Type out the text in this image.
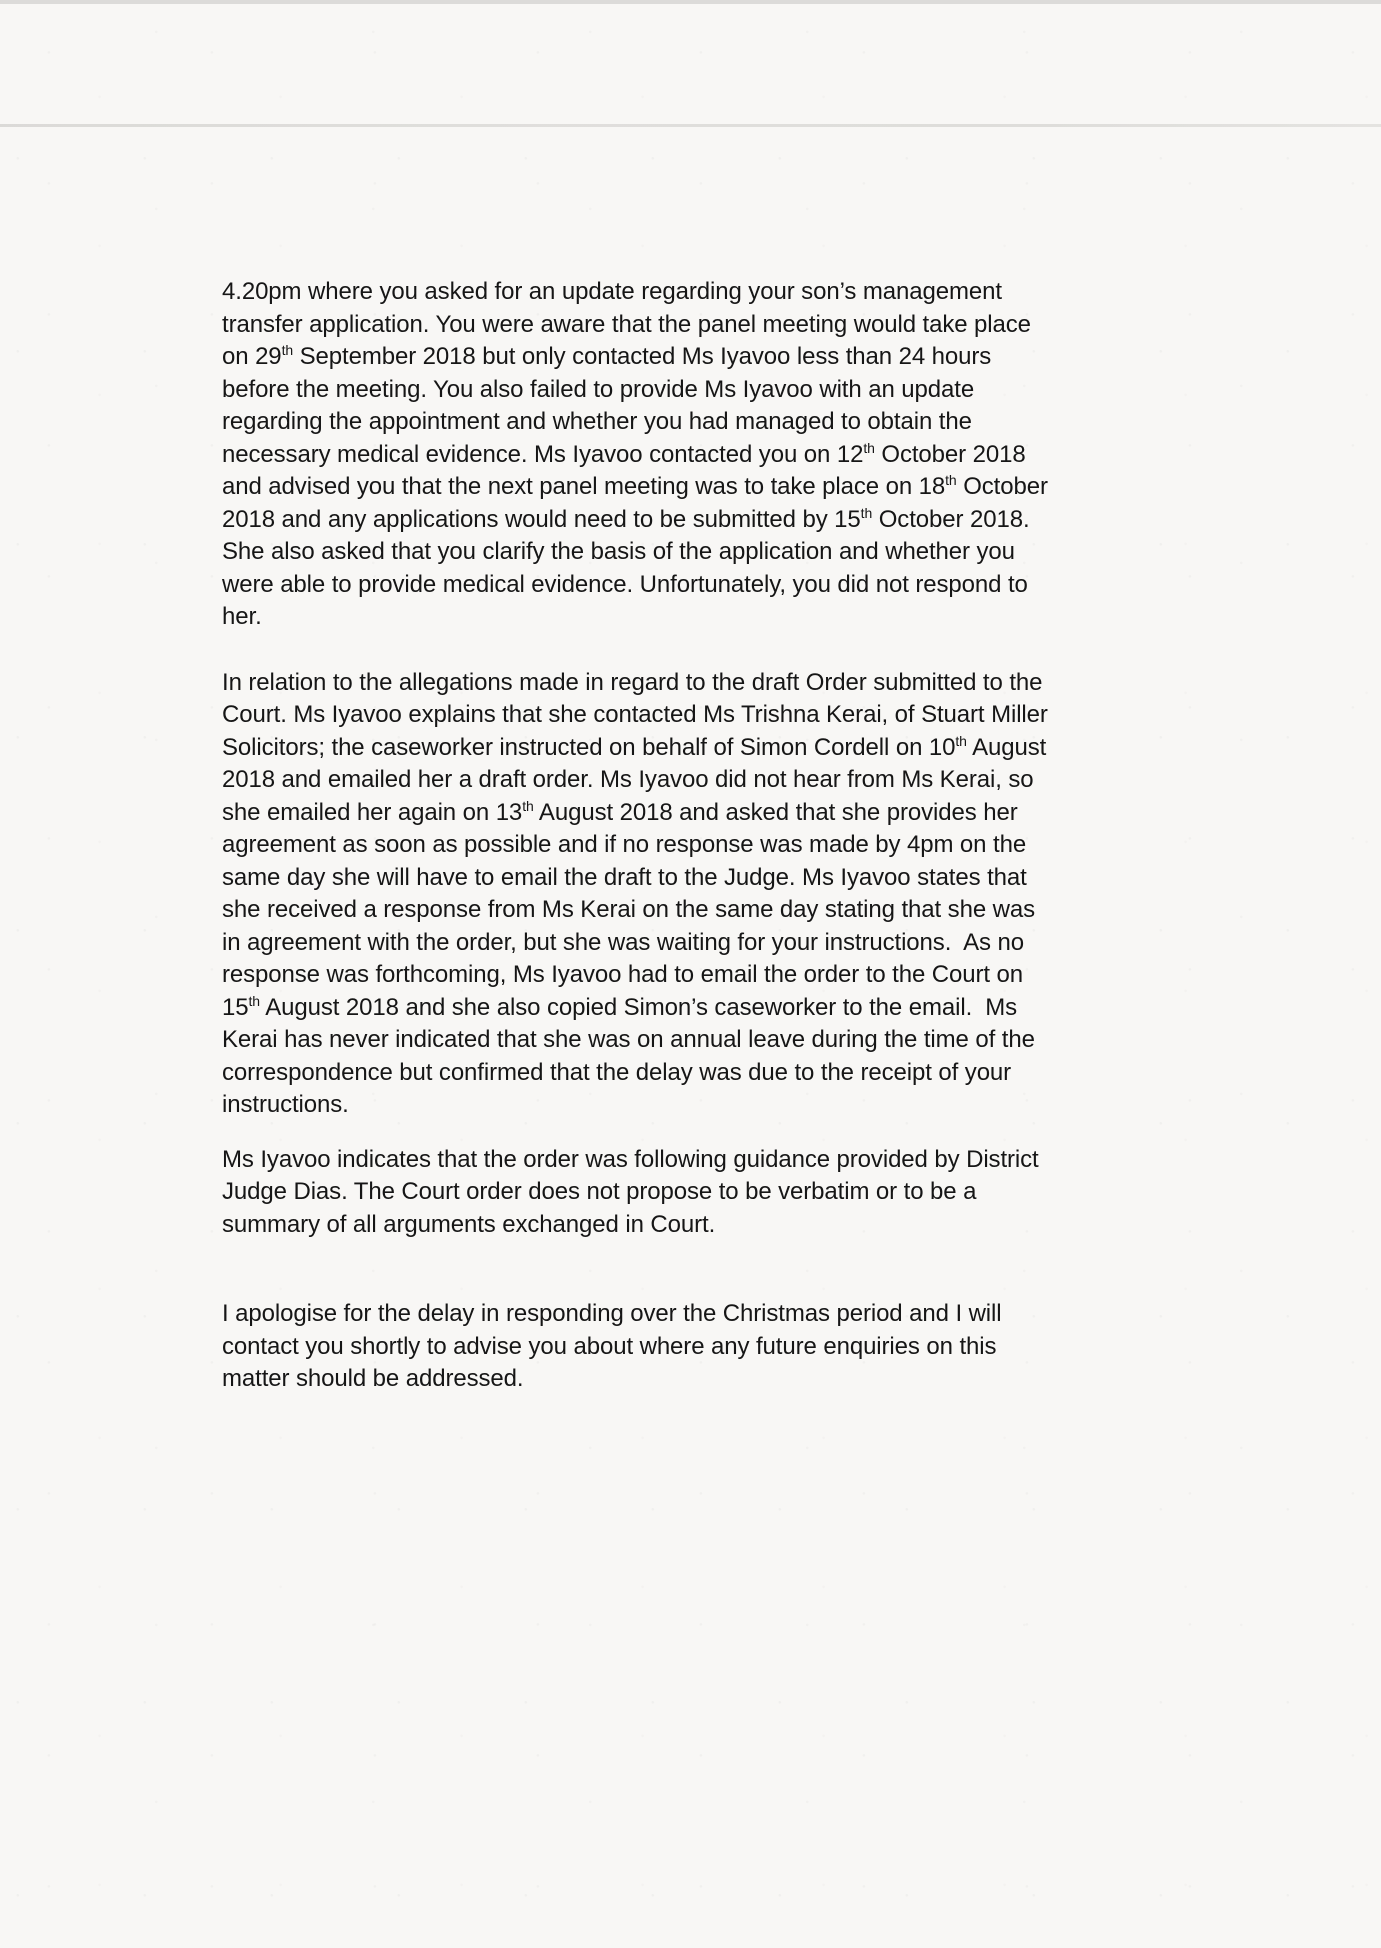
4.20pm where you asked for an update regarding your son’s management
transfer application. You were aware that the panel meeting would take place
on 29th September 2018 but only contacted Ms Iyavoo less than 24 hours
before the meeting. You also failed to provide Ms Iyavoo with an update
regarding the appointment and whether you had managed to obtain the
necessary medical evidence. Ms Iyavoo contacted you on 12th October 2018
and advised you that the next panel meeting was to take place on 18th October
2018 and any applications would need to be submitted by 15th October 2018.
She also asked that you clarify the basis of the application and whether you
were able to provide medical evidence. Unfortunately, you did not respond to
her.
In relation to the allegations made in regard to the draft Order submitted to the
Court. Ms Iyavoo explains that she contacted Ms Trishna Kerai, of Stuart Miller
Solicitors; the caseworker instructed on behalf of Simon Cordell on 10th August
2018 and emailed her a draft order. Ms Iyavoo did not hear from Ms Kerai, so
she emailed her again on 13th August 2018 and asked that she provides her
agreement as soon as possible and if no response was made by 4pm on the
same day she will have to email the draft to the Judge. Ms Iyavoo states that
she received a response from Ms Kerai on the same day stating that she was
in agreement with the order, but she was waiting for your instructions.  As no
response was forthcoming, Ms Iyavoo had to email the order to the Court on
15th August 2018 and she also copied Simon’s caseworker to the email.  Ms
Kerai has never indicated that she was on annual leave during the time of the
correspondence but confirmed that the delay was due to the receipt of your
instructions.
Ms Iyavoo indicates that the order was following guidance provided by District
Judge Dias. The Court order does not propose to be verbatim or to be a
summary of all arguments exchanged in Court.
I apologise for the delay in responding over the Christmas period and I will
contact you shortly to advise you about where any future enquiries on this
matter should be addressed.
